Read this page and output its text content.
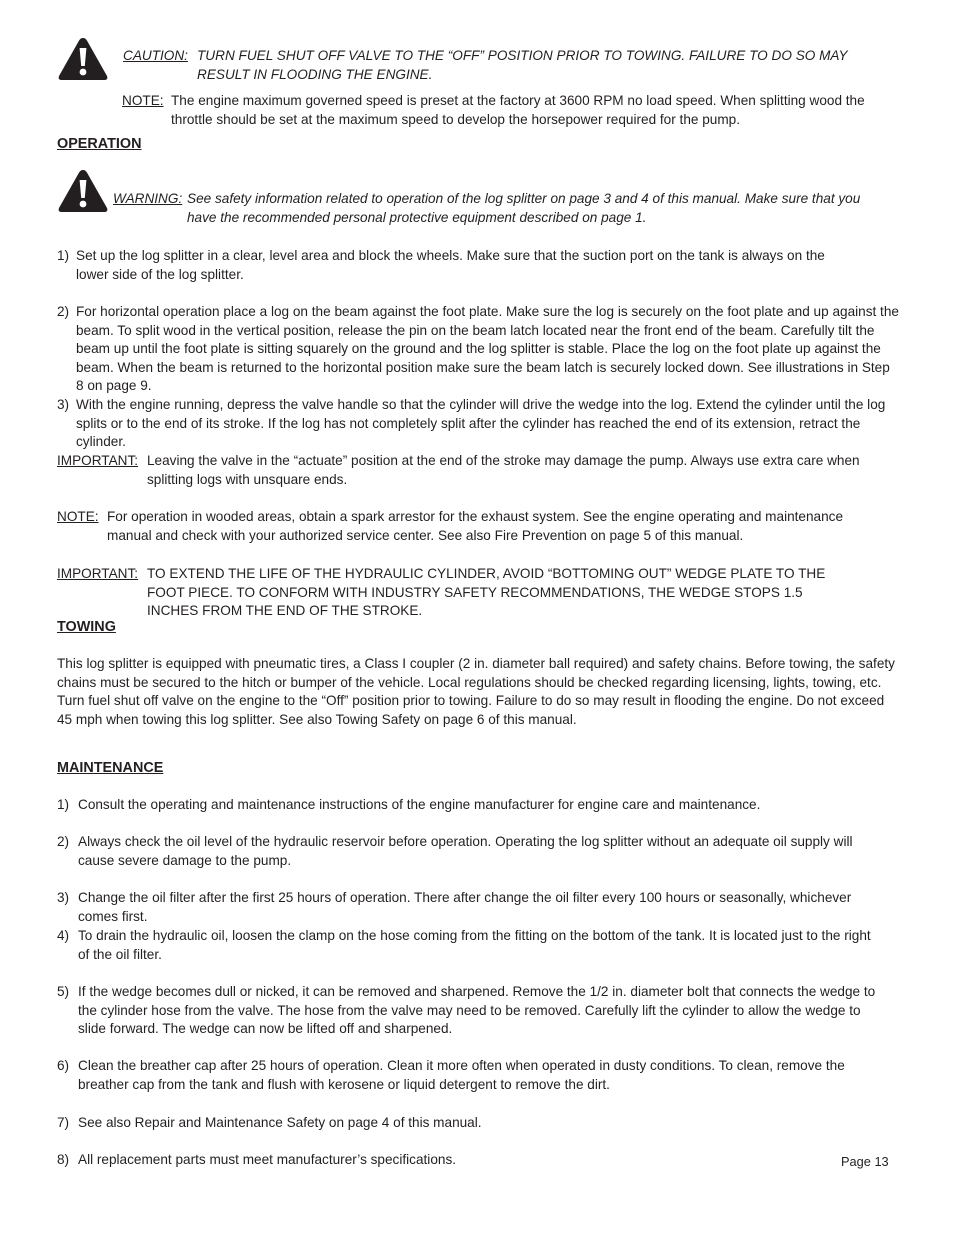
CAUTION: TURN FUEL SHUT OFF VALVE TO THE “OFF” POSITION PRIOR TO TOWING. FAILURE TO DO SO MAY RESULT IN FLOODING THE ENGINE.
NOTE: The engine maximum governed speed is preset at the factory at 3600 RPM no load speed. When splitting wood the throttle should be set at the maximum speed to develop the horsepower required for the pump.
OPERATION
WARNING: See safety information related to operation of the log splitter on page 3 and 4 of this manual. Make sure that you have the recommended personal protective equipment described on page 1.
1) Set up the log splitter in a clear, level area and block the wheels. Make sure that the suction port on the tank is always on the lower side of the log splitter.
2) For horizontal operation place a log on the beam against the foot plate. Make sure the log is securely on the foot plate and up against the beam. To split wood in the vertical position, release the pin on the beam latch located near the front end of the beam. Carefully tilt the beam up until the foot plate is sitting squarely on the ground and the log splitter is stable. Place the log on the foot plate up against the beam. When the beam is returned to the horizontal position make sure the beam latch is securely locked down. See illustrations in Step 8 on page 9.
3) With the engine running, depress the valve handle so that the cylinder will drive the wedge into the log. Extend the cylinder until the log splits or to the end of its stroke. If the log has not completely split after the cylinder has reached the end of its extension, retract the cylinder.
IMPORTANT: Leaving the valve in the “actuate” position at the end of the stroke may damage the pump. Always use extra care when splitting logs with unsquare ends.
NOTE: For operation in wooded areas, obtain a spark arrestor for the exhaust system. See the engine operating and maintenance manual and check with your authorized service center. See also Fire Prevention on page 5 of this manual.
IMPORTANT: TO EXTEND THE LIFE OF THE HYDRAULIC CYLINDER, AVOID “BOTTOMING OUT” WEDGE PLATE TO THE FOOT PIECE. TO CONFORM WITH INDUSTRY SAFETY RECOMMENDATIONS, THE WEDGE STOPS 1.5 INCHES FROM THE END OF THE STROKE.
TOWING

This log splitter is equipped with pneumatic tires, a Class I coupler (2 in. diameter ball required) and safety chains. Before towing, the safety chains must be secured to the hitch or bumper of the vehicle. Local regulations should be checked regarding licensing, lights, towing, etc. Turn fuel shut off valve on the engine to the “Off” position prior to towing. Failure to do so may result in flooding the engine. Do not exceed 45 mph when towing this log splitter. See also Towing Safety on page 6 of this manual.

MAINTENANCE
1) Consult the operating and maintenance instructions of the engine manufacturer for engine care and maintenance.
2) Always check the oil level of the hydraulic reservoir before operation. Operating the log splitter without an adequate oil supply will cause severe damage to the pump.
3) Change the oil filter after the first 25 hours of operation. There after change the oil filter every 100 hours or seasonally, whichever comes first.
4) To drain the hydraulic oil, loosen the clamp on the hose coming from the fitting on the bottom of the tank. It is located just to the right of the oil filter.
5) If the wedge becomes dull or nicked, it can be removed and sharpened. Remove the 1/2 in. diameter bolt that connects the wedge to the cylinder hose from the valve. The hose from the valve may need to be removed. Carefully lift the cylinder to allow the wedge to slide forward. The wedge can now be lifted off and sharpened.
6) Clean the breather cap after 25 hours of operation. Clean it more often when operated in dusty conditions. To clean, remove the breather cap from the tank and flush with kerosene or liquid detergent to remove the dirt.
7) See also Repair and Maintenance Safety on page 4 of this manual.
8) All replacement parts must meet manufacturer’s specifications.	Page 13
